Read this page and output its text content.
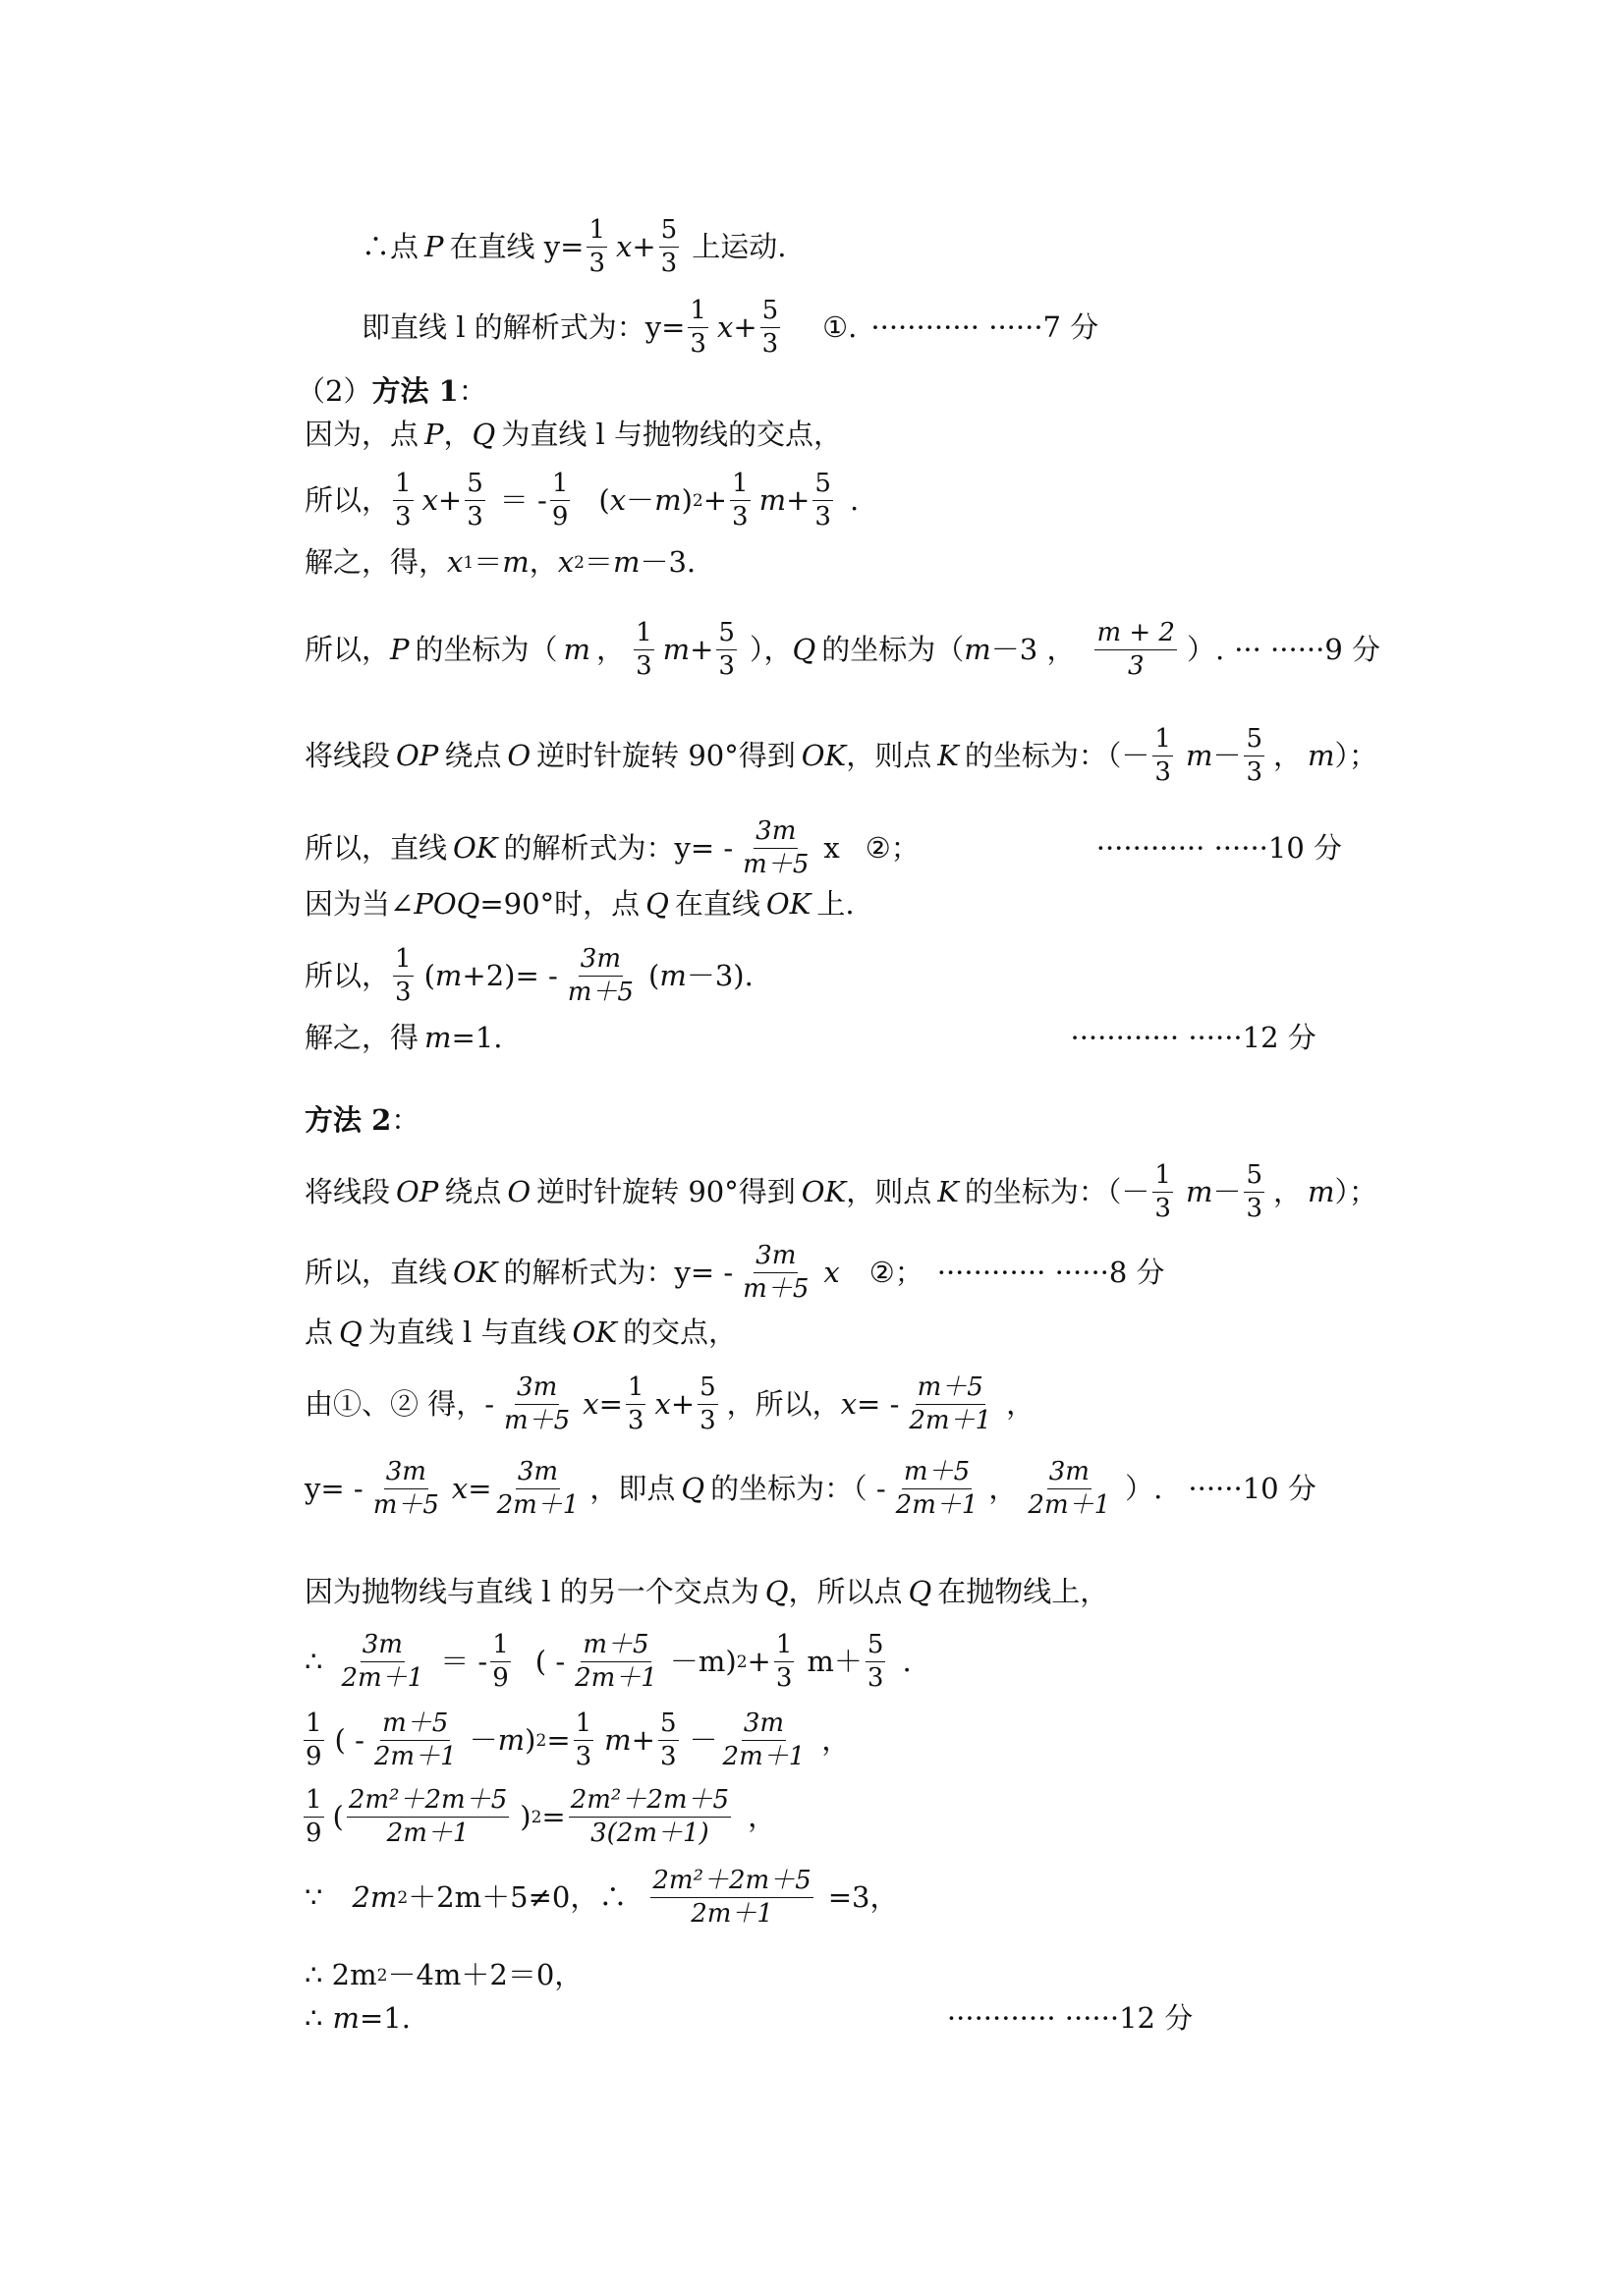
∴点 P 在直线 $y= \frac{1}{3}$ $x + \frac{5}{3}$ 上运动.
即直线 l 的解析式为：$y= \frac{1}{3}$ $x + \frac{5}{3}$ ①. ············ ······7 分
（2） 方法 1 ：
因为，点 P ， Q 为直线 l 与抛物线的交点，
所以，
1
3 $x + \frac{5}{3}$ ＝ -
1
9 ( x － m ) $2 + \frac{1}{3}$ $m + \frac{5}{3}$ .
解之，得， x 1 ＝ m ， x 2 ＝ m －3.
所以， P 的坐标为（ m ，
1
3 $m + \frac{5}{3}$ ）， Q 的坐标为（ m －3 ，
m + 2
3 ）. ··· ······9 分
将线段 OP 绕点 O 逆时针旋转 90°得到 OK ，则点 K 的坐标为：（－
1
3 m －
5
3 ， m ）；
所以，直线 OK 的解析式为：y= -
3m
m＋5 x ②；	············ ······10 分
因为当∠ POQ =90°时，点 Q 在直线 OK 上.
所以，
1
3 ( m +2)= -
3m
m＋5 ( m －3).
解之，得 m =1.	············ ······12 分
方法 2 ：
将线段 OP 绕点 O 逆时针旋转 90°得到 OK ，则点 K 的坐标为：（－
1
3 m －
5
3 ， m ）；
所以，直线 OK 的解析式为：y= -
3m
m＋5 x ②； ············ ······8 分
点 Q 为直线 l 与直线 OK 的交点，
由①、② 得，-
3m
m＋5 $x = \frac{1}{3}$ $x + \frac{5}{3}$ ，所以， x = -
m＋5
2m＋1 ，
y= -
3m
m＋5 $x = \frac{3m}{2m+1}$ ，即点 Q 的坐标为：（ -
m＋5
2m＋1 ，
3m
2m＋1 ）. ······10 分
因为抛物线与直线 l 的另一个交点为 Q ，所以点 Q 在抛物线上，
∴
3m
2m＋1 ＝ -
1
9 ( -
m＋5
2m＋1 －m) $2 + \frac{1}{3} m+$
5
3 .
1
9 ( -
m＋5
2m＋1 － m ) $2 = \frac{1}{3}$ $m + \frac{5}{3}$ －
3m
2m＋1 ，
1
9 (
2m²＋2m＋5
2m＋1 ) $2 = \frac{\text{2m²＋2m＋5}}{3(2m+1)}$ ，
∵ 2m 2 ＋2m＋5≠0，∴ $\frac{\text{2m²＋2m＋5}}{2m+1} =3$，
∴ 2m 2 －4m＋2＝0，
∴ m =1.	············ ······12 分
